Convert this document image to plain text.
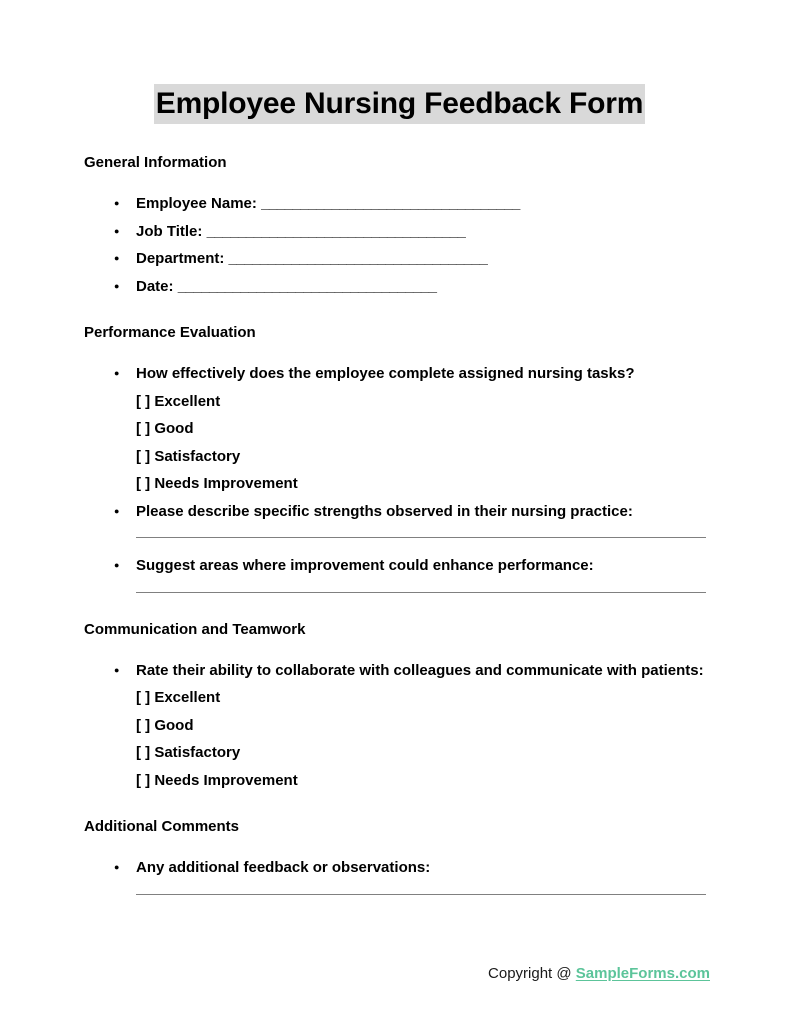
Employee Nursing Feedback Form
General Information
● Employee Name: _________________________________
● Job Title: _________________________________
● Department: _________________________________
● Date: _________________________________
Performance Evaluation
● How effectively does the employee complete assigned nursing tasks?
[ ] Excellent
[ ] Good
[ ] Satisfactory
[ ] Needs Improvement
● Please describe specific strengths observed in their nursing practice:
● Suggest areas where improvement could enhance performance:
Communication and Teamwork
● Rate their ability to collaborate with colleagues and communicate with patients:
[ ] Excellent
[ ] Good
[ ] Satisfactory
[ ] Needs Improvement
Additional Comments
● Any additional feedback or observations:
Copyright @ SampleForms.com
